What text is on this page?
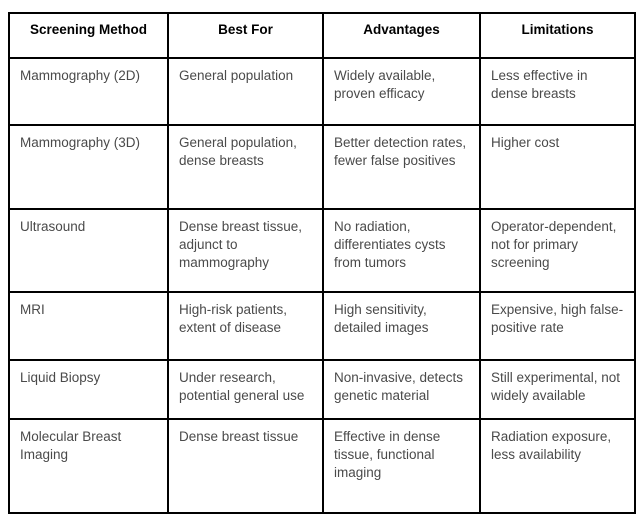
Screening Method	Best For	Advantages	Limitations
Mammography (2D)	General population	Widely available, proven efficacy	Less effective in dense breasts
Mammography (3D)	General population, dense breasts	Better detection rates, fewer false positives	Higher cost
Ultrasound	Dense breast tissue, adjunct to mammography	No radiation, differentiates cysts from tumors	Operator-dependent, not for primary screening
MRI	High-risk patients, extent of disease	High sensitivity, detailed images	Expensive, high false-positive rate
Liquid Biopsy	Under research, potential general use	Non-invasive, detects genetic material	Still experimental, not widely available
Molecular Breast Imaging	Dense breast tissue	Effective in dense tissue, functional imaging	Radiation exposure, less availability
